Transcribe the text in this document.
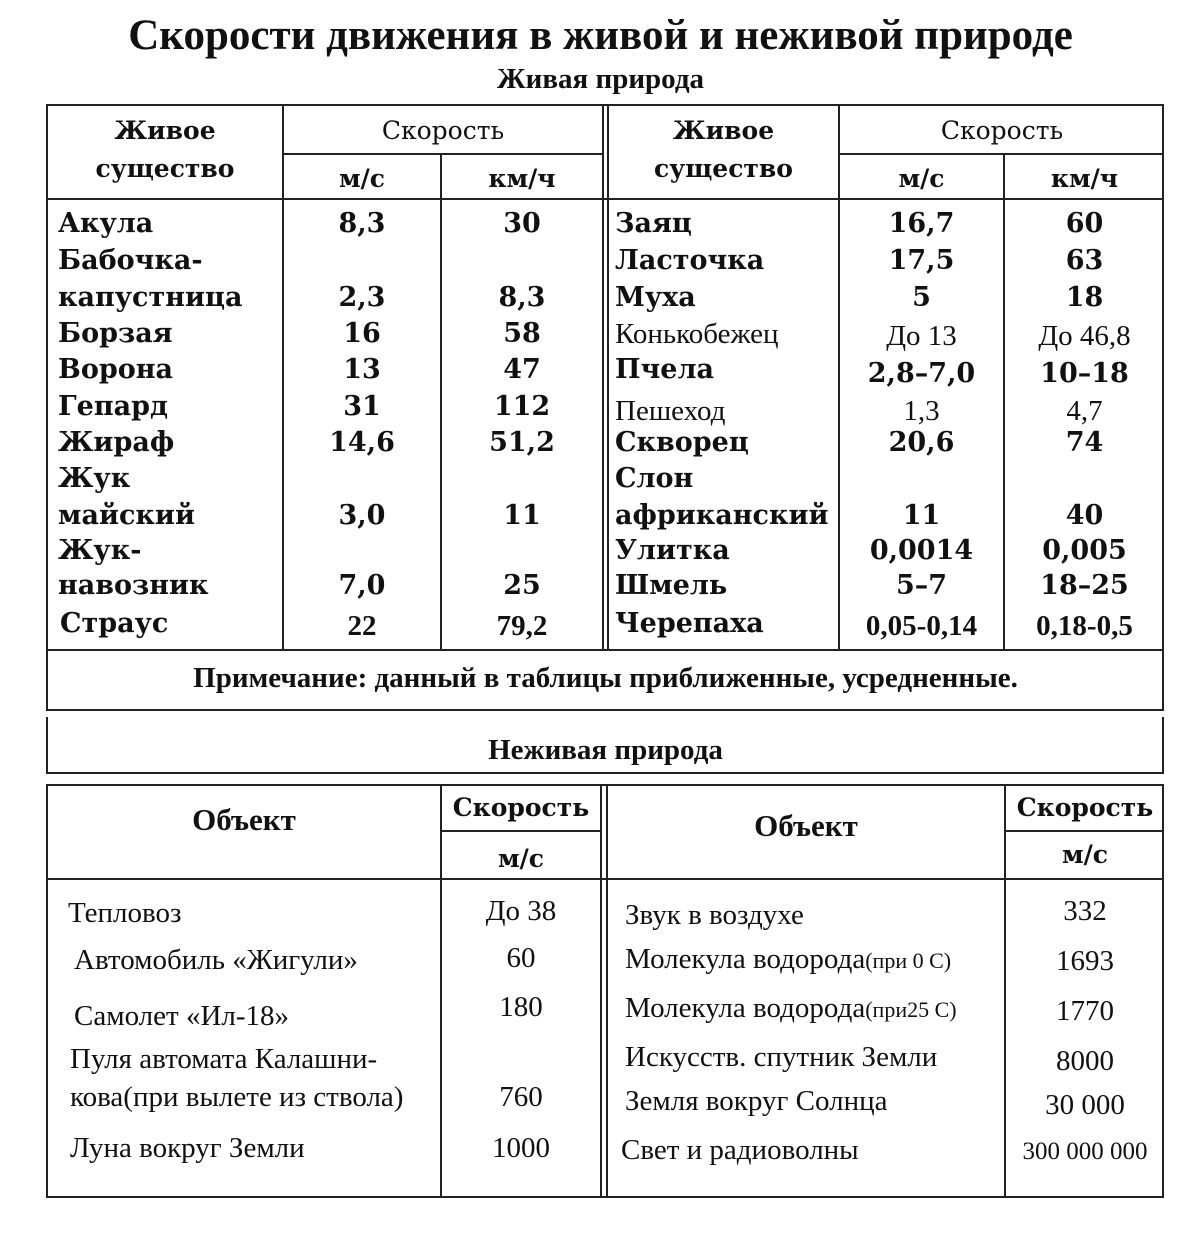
Скорости движения в живой и неживой природе
Живая природа
Живое
существо
Скорость
м/с	км/ч
Живое
существо
Скорость
м/с	км/ч
Акула	8,3	30
Бабочка-
капустница	2,3	8,3
Борзая	16	58
Ворона	13	47
Гепард	31	112
Жираф	14,6	51,2
Жук
майский	3,0	11
Жук-
навозник	7,0	25
Страус	22	79,2
Заяц	16,7	60
Ласточка	17,5	63
Муха	5	18
Конькобежец	До 13	До 46,8
Пчела	2,8–7,0	10–18
Пешеход	1,3	4,7
Скворец	20,6	74
Слон
африканский	11	40
Улитка	0,0014	0,005
Шмель	5–7	18–25
Черепаха	0,05-0,14	0,18-0,5
Примечание: данный в таблицы приближенные, усредненные.
Неживая природа
Объект	Скорость
м/с
Объект
Скорость
м/с
Тепловоз	До 38
Автомобиль «Жигули»	60
Самолет «Ил-18»	180
Пуля автомата Калашни-
кова(при вылете из ствола)	760
Луна вокруг Земли	1000
Звук в воздухе	332
Молекула водорода(при 0 С)	1693
Молекула водорода(при25 С)	1770
Искусств. спутник Земли	8000
Земля вокруг Солнца	30 000
Свет и радиоволны	300 000 000
